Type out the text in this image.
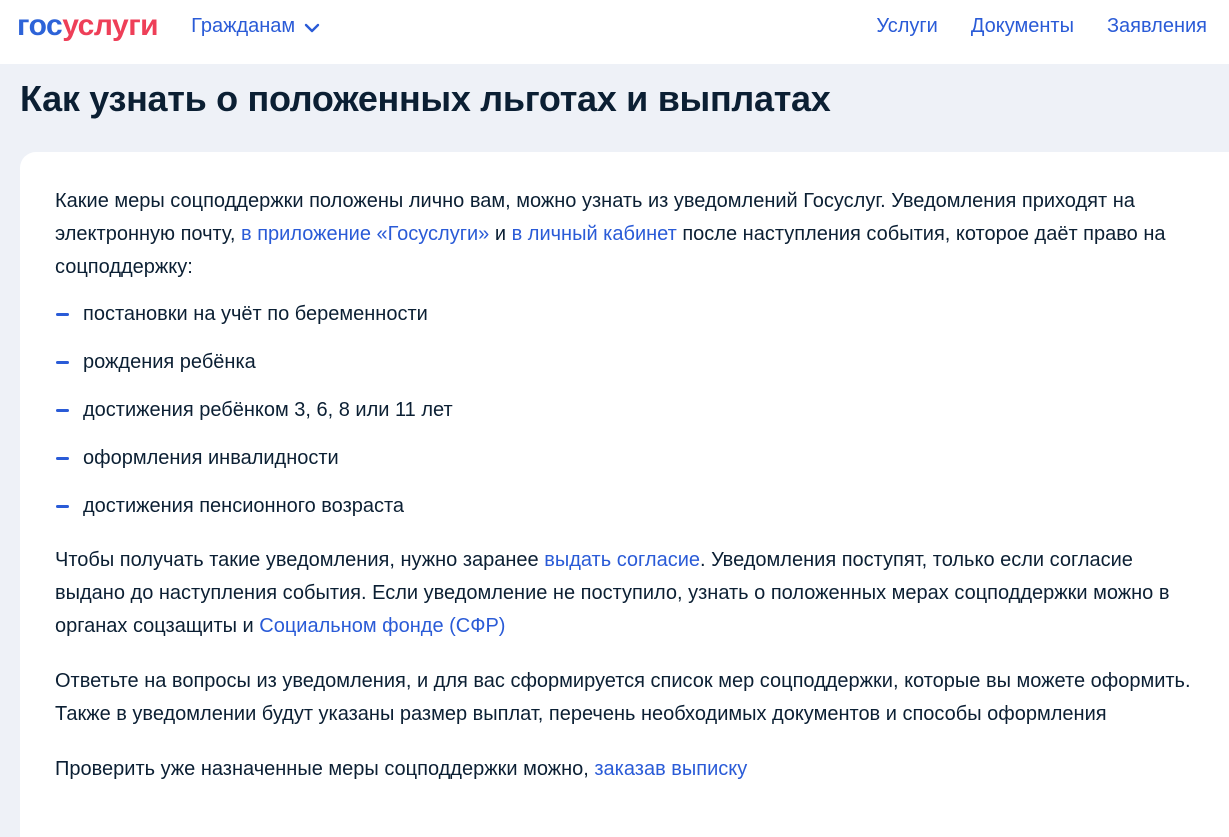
госуслуги Гражданам	Услуги Документы Заявления
Как узнать о положенных льготах и выплатах

Какие меры соцподдержки положены лично вам, можно узнать из уведомлений Госуслуг. Уведомления приходят на электронную почту, в приложение «Госуслуги» и в личный кабинет после наступления события, которое даёт право на соцподдержку:

постановки на учёт по беременности
рождения ребёнка
достижения ребёнком 3, 6, 8 или 11 лет
оформления инвалидности
достижения пенсионного возраста

Чтобы получать такие уведомления, нужно заранее выдать согласие. Уведомления поступят, только если согласие выдано до наступления события. Если уведомление не поступило, узнать о положенных мерах соцподдержки можно в органах соцзащиты и Социальном фонде (СФР)

Ответьте на вопросы из уведомления, и для вас сформируется список мер соцподдержки, которые вы можете оформить. Также в уведомлении будут указаны размер выплат, перечень необходимых документов и способы оформления

Проверить уже назначенные меры соцподдержки можно, заказав выписку
